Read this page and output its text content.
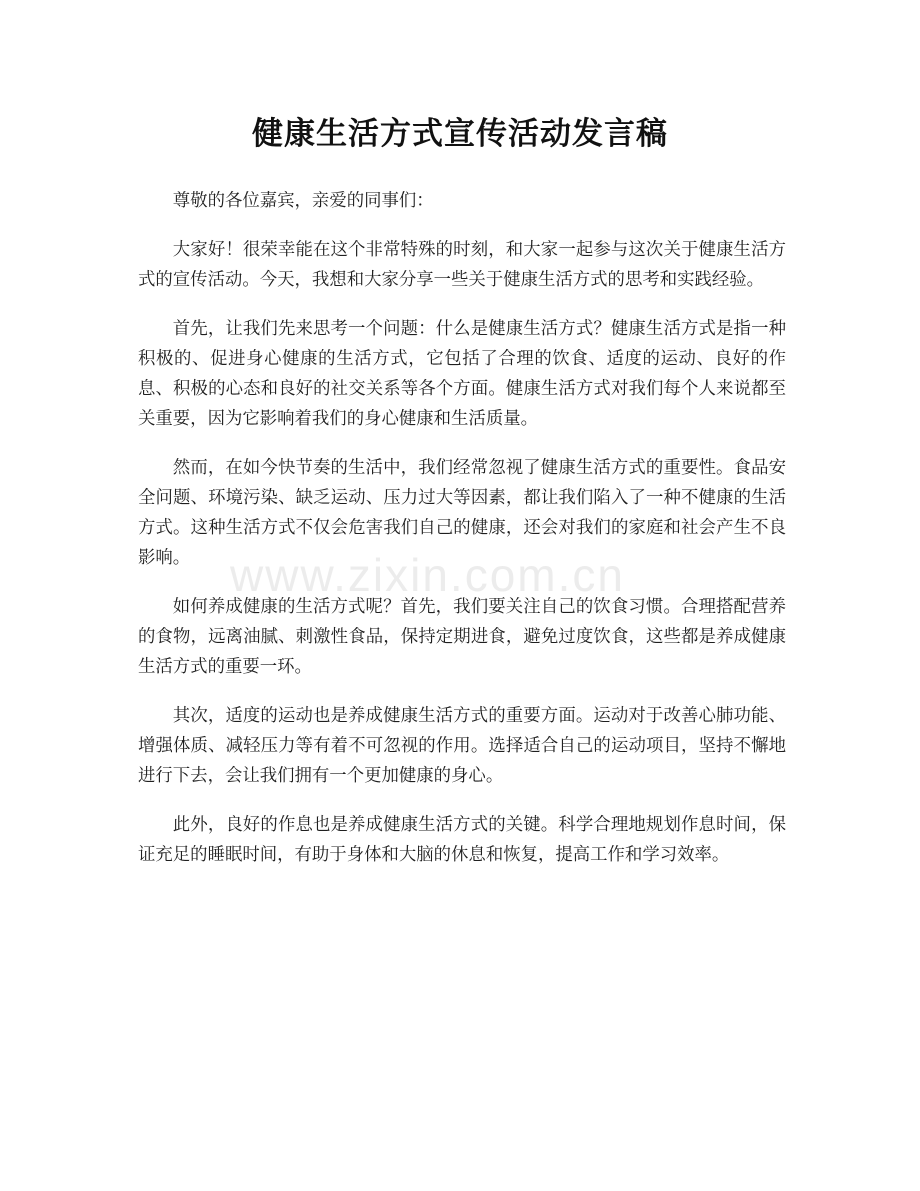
健康生活方式宣传活动发言稿

尊敬的各位嘉宾，亲爱的同事们：

大家好！很荣幸能在这个非常特殊的时刻，和大家一起参与这次关于健康生活方式的宣传活动。今天，我想和大家分享一些关于健康生活方式的思考和实践经验。

首先，让我们先来思考一个问题：什么是健康生活方式？健康生活方式是指一种积极的、促进身心健康的生活方式，它包括了合理的饮食、适度的运动、良好的作息、积极的心态和良好的社交关系等各个方面。健康生活方式对我们每个人来说都至关重要，因为它影响着我们的身心健康和生活质量。

然而，在如今快节奏的生活中，我们经常忽视了健康生活方式的重要性。食品安全问题、环境污染、缺乏运动、压力过大等因素，都让我们陷入了一种不健康的生活方式。这种生活方式不仅会危害我们自己的健康，还会对我们的家庭和社会产生不良影响。

如何养成健康的生活方式呢？首先，我们要关注自己的饮食习惯。合理搭配营养的食物，远离油腻、刺激性食品，保持定期进食，避免过度饮食，这些都是养成健康生活方式的重要一环。

其次，适度的运动也是养成健康生活方式的重要方面。运动对于改善心肺功能、增强体质、减轻压力等有着不可忽视的作用。选择适合自己的运动项目，坚持不懈地进行下去，会让我们拥有一个更加健康的身心。

此外，良好的作息也是养成健康生活方式的关键。科学合理地规划作息时间，保证充足的睡眠时间，有助于身体和大脑的休息和恢复，提高工作和学习效率。

www.zixin.com.cn
